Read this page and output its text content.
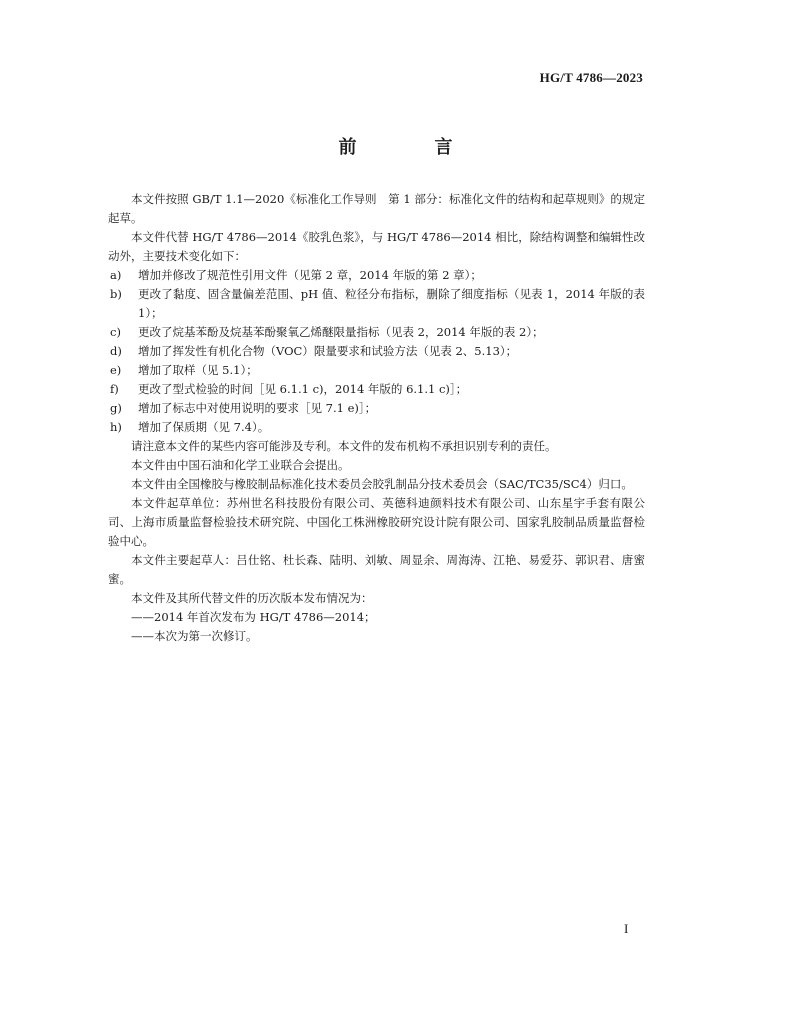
HG/T 4786—2023
前　言

本文件按照 GB/T 1.1—2020《标准化工作导则　第 1 部分：标准化文件的结构和起草规则》的规定起草。

本文件代替 HG/T 4786—2014《胶乳色浆》，与 HG/T 4786—2014 相比，除结构调整和编辑性改动外，主要技术变化如下：

a)	增加并修改了规范性引用文件（见第 2 章，2014 年版的第 2 章）；
b)	更改了黏度、固含量偏差范围、pH 值、粒径分布指标，删除了细度指标（见表 1，2014 年版的表 1）；
c)	更改了烷基苯酚及烷基苯酚聚氧乙烯醚限量指标（见表 2，2014 年版的表 2）；
d)	增加了挥发性有机化合物（VOC）限量要求和试验方法（见表 2、5.13）；
e)	增加了取样（见 5.1）；
f)	更改了型式检验的时间［见 6.1.1 c)，2014 年版的 6.1.1 c)］；
g)	增加了标志中对使用说明的要求［见 7.1 e)］；
h)	增加了保质期（见 7.4）。

请注意本文件的某些内容可能涉及专利。本文件的发布机构不承担识别专利的责任。

本文件由中国石油和化学工业联合会提出。

本文件由全国橡胶与橡胶制品标准化技术委员会胶乳制品分技术委员会（SAC/TC35/SC4）归口。

本文件起草单位：苏州世名科技股份有限公司、英德科迪颜料技术有限公司、山东星宇手套有限公司、上海市质量监督检验技术研究院、中国化工株洲橡胶研究设计院有限公司、国家乳胶制品质量监督检验中心。

本文件主要起草人：吕仕铭、杜长森、陆明、刘敏、周显余、周海涛、江艳、易爱芬、郭识君、唐蜜蜜。

本文件及其所代替文件的历次版本发布情况为：

——2014 年首次发布为 HG/T 4786—2014；

——本次为第一次修订。

I
